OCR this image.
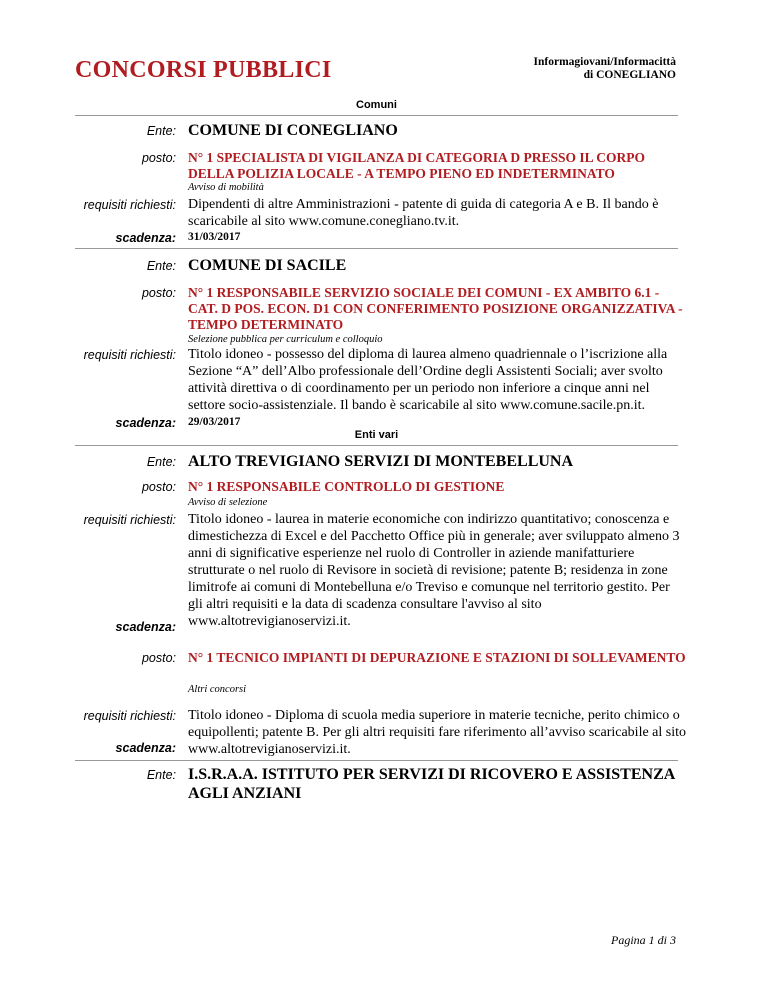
CONCORSI PUBBLICI	Informagiovani/Informacittà
di CONEGLIANO
Comuni
Ente: COMUNE DI CONEGLIANO
posto: N° 1 SPECIALISTA DI VIGILANZA DI CATEGORIA D PRESSO IL CORPO DELLA POLIZIA LOCALE - A TEMPO PIENO ED INDETERMINATO
Avviso di mobilità
requisiti richiesti: Dipendenti di altre Amministrazioni - patente di guida di categoria A e B. Il bando è scaricabile al sito www.comune.conegliano.tv.it.
scadenza: 31/03/2017
Ente: COMUNE DI SACILE
posto: N° 1 RESPONSABILE SERVIZIO SOCIALE DEI COMUNI - EX AMBITO 6.1 - CAT. D POS. ECON. D1 CON CONFERIMENTO POSIZIONE ORGANIZZATIVA - TEMPO DETERMINATO
Selezione pubblica per curriculum e colloquio
requisiti richiesti: Titolo idoneo - possesso del diploma di laurea almeno quadriennale o l’iscrizione alla Sezione “A” dell’Albo professionale dell’Ordine degli Assistenti Sociali; aver svolto attività direttiva o di coordinamento per un periodo non inferiore a cinque anni nel settore socio-assistenziale. Il bando è scaricabile al sito www.comune.sacile.pn.it.
scadenza: 29/03/2017
Enti vari
Ente: ALTO TREVIGIANO SERVIZI DI MONTEBELLUNA
posto: N° 1 RESPONSABILE CONTROLLO DI GESTIONE
Avviso di selezione
requisiti richiesti: Titolo idoneo - laurea in materie economiche con indirizzo quantitativo; conoscenza e dimestichezza di Excel e del Pacchetto Office più in generale; aver sviluppato almeno 3 anni di significative esperienze nel ruolo di Controller in aziende manifatturiere strutturate o nel ruolo di Revisore in società di revisione; patente B; residenza in zone limitrofe ai comuni di Montebelluna e/o Treviso e comunque nel territorio gestito. Per gli altri requisiti e la data di scadenza consultare l'avviso al sito www.altotrevigianoservizi.it.
scadenza:
posto: N° 1 TECNICO IMPIANTI DI DEPURAZIONE E STAZIONI DI SOLLEVAMENTO
Altri concorsi
requisiti richiesti: Titolo idoneo - Diploma di scuola media superiore in materie tecniche, perito chimico o equipollenti; patente B. Per gli altri requisiti fare riferimento all’avviso scaricabile al sito www.altotrevigianoservizi.it.
scadenza:
Ente: I.S.R.A.A. ISTITUTO PER SERVIZI DI RICOVERO E ASSISTENZA AGLI ANZIANI
Pagina 1 di 3
